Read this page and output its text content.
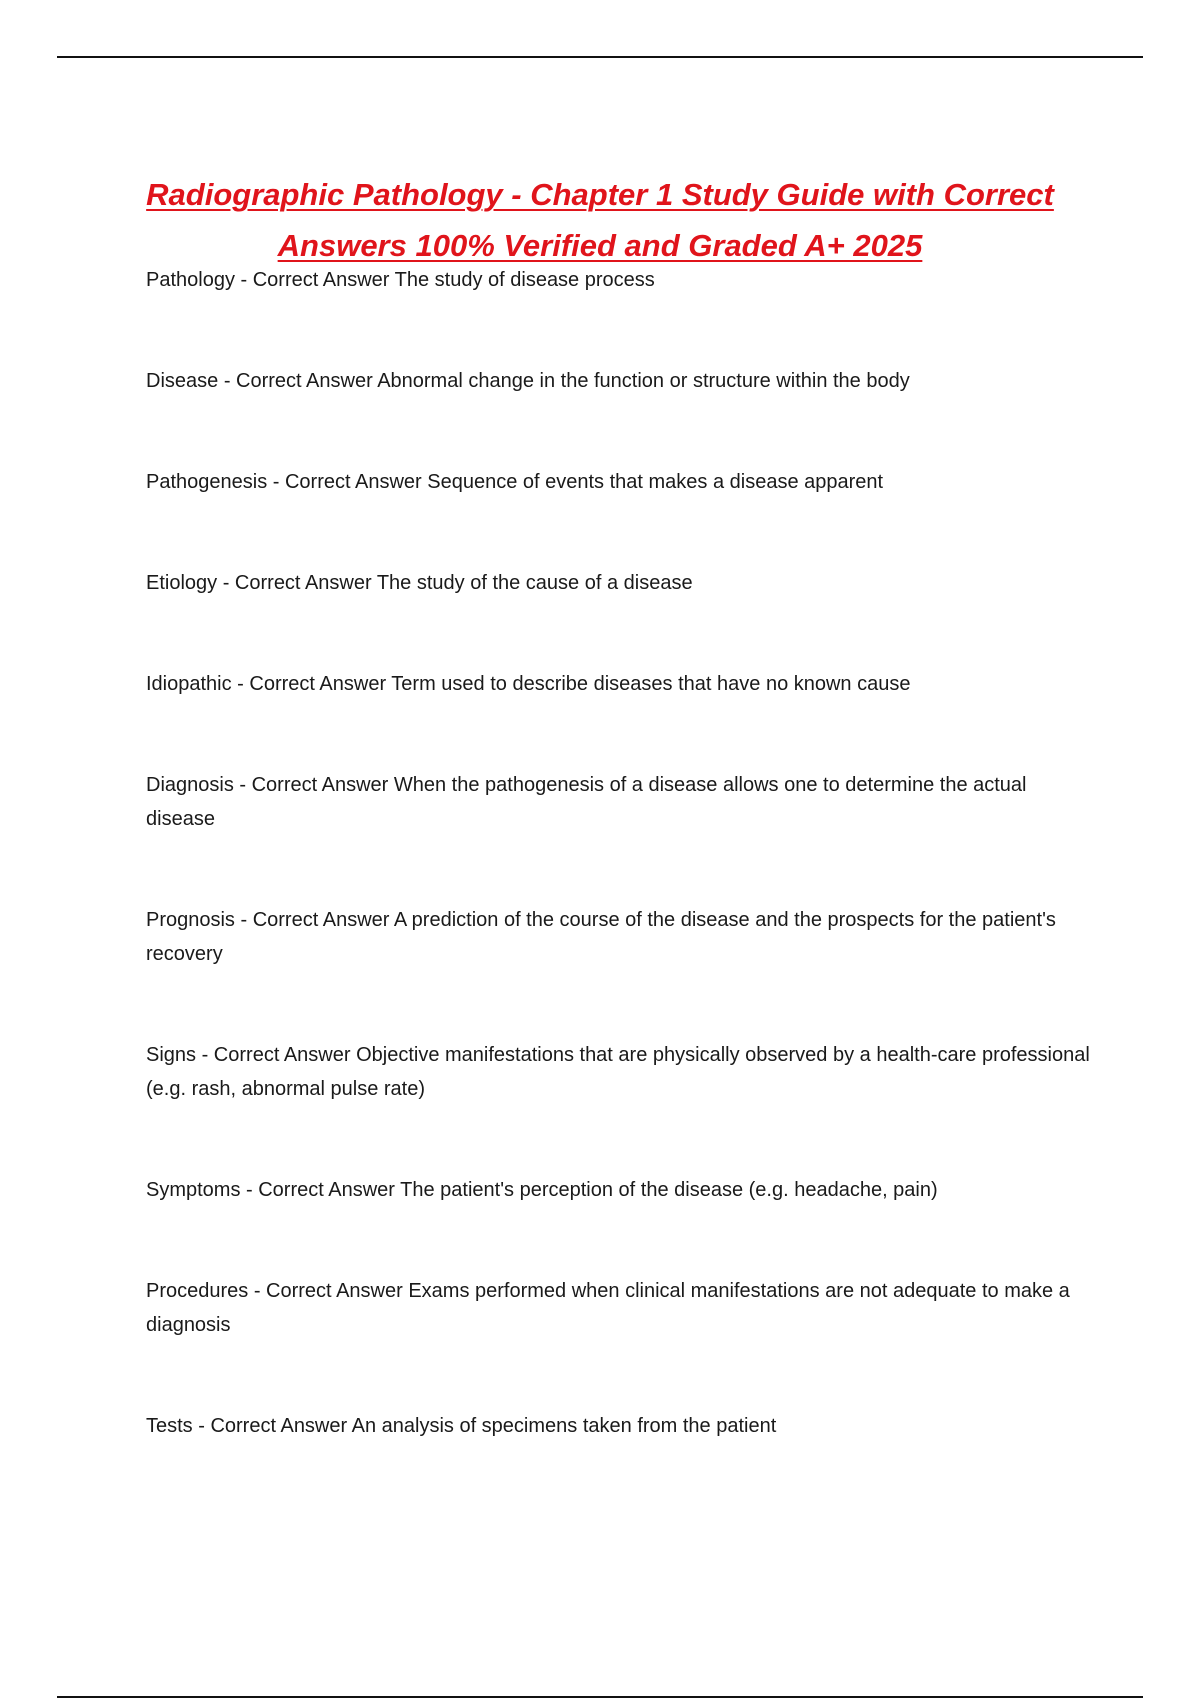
Radiographic Pathology - Chapter 1 Study Guide with Correct Answers 100% Verified and Graded A+ 2025

Pathology - Correct Answer The study of disease process

Disease - Correct Answer Abnormal change in the function or structure within the body

Pathogenesis - Correct Answer Sequence of events that makes a disease apparent

Etiology - Correct Answer The study of the cause of a disease

Idiopathic - Correct Answer Term used to describe diseases that have no known cause

Diagnosis - Correct Answer When the pathogenesis of a disease allows one to determine the actual disease

Prognosis - Correct Answer A prediction of the course of the disease and the prospects for the patient's recovery

Signs - Correct Answer Objective manifestations that are physically observed by a health-care professional (e.g. rash, abnormal pulse rate)

Symptoms - Correct Answer The patient's perception of the disease (e.g. headache, pain)

Procedures - Correct Answer Exams performed when clinical manifestations are not adequate to make a diagnosis

Tests - Correct Answer An analysis of specimens taken from the patient
